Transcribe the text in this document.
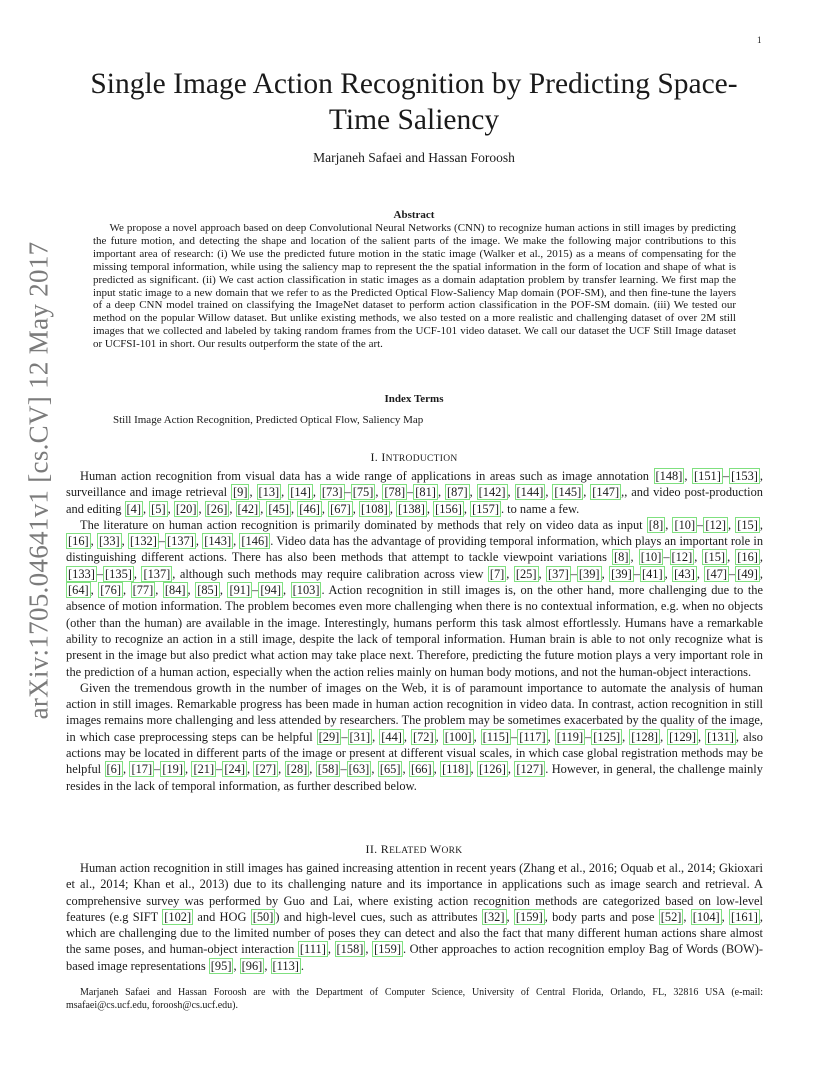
1
arXiv:1705.04641v1 [cs.CV] 12 May 2017
Single Image Action Recognition by Predicting Space-Time Saliency
Marjaneh Safaei and Hassan Foroosh
Abstract

We propose a novel approach based on deep Convolutional Neural Networks (CNN) to recognize human actions in still images by predicting the future motion, and detecting the shape and location of the salient parts of the image. We make the following major contributions to this important area of research: (i) We use the predicted future motion in the static image (Walker et al., 2015) as a means of compensating for the missing temporal information, while using the saliency map to represent the the spatial information in the form of location and shape of what is predicted as significant. (ii) We cast action classification in static images as a domain adaptation problem by transfer learning. We first map the input static image to a new domain that we refer to as the Predicted Optical Flow-Saliency Map domain (POF-SM), and then fine-tune the layers of a deep CNN model trained on classifying the ImageNet dataset to perform action classification in the POF-SM domain. (iii) We tested our method on the popular Willow dataset. But unlike existing methods, we also tested on a more realistic and challenging dataset of over 2M still images that we collected and labeled by taking random frames from the UCF-101 video dataset. We call our dataset the UCF Still Image dataset or UCFSI-101 in short. Our results outperform the state of the art.

Index Terms
Still Image Action Recognition, Predicted Optical Flow, Saliency Map
I. INTRODUCTION

Human action recognition from visual data has a wide range of applications in areas such as image annotation [148] , [151] – [153] , surveillance and image retrieval [9] , [13] , [14] , [73] – [75] , [78] – [81] , [87] , [142] , [144] , [145] , [147] ,, and video post-production and editing [4] , [5] , [20] , [26] , [42] , [45] , [46] , [67] , [108] , [138] , [156] , [157] . to name a few.

The literature on human action recognition is primarily dominated by methods that rely on video data as input [8] , [10] – [12] , [15] , [16] , [33] , [132] – [137] , [143] , [146] . Video data has the advantage of providing temporal information, which plays an important role in distinguishing different actions. There has also been methods that attempt to tackle viewpoint variations [8] , [10] – [12] , [15] , [16] , [133] – [135] , [137] , although such methods may require calibration across view [7] , [25] , [37] – [39] , [39] – [41] , [43] , [47] – [49] , [64] , [76] , [77] , [84] , [85] , [91] – [94] , [103] . Action recognition in still images is, on the other hand, more challenging due to the absence of motion information. The problem becomes even more challenging when there is no contextual information, e.g. when no objects (other than the human) are available in the image. Interestingly, humans perform this task almost effortlessly. Humans have a remarkable ability to recognize an action in a still image, despite the lack of temporal information. Human brain is able to not only recognize what is present in the image but also predict what action may take place next. Therefore, predicting the future motion plays a very important role in the prediction of a human action, especially when the action relies mainly on human body motions, and not the human-object interactions.

Given the tremendous growth in the number of images on the Web, it is of paramount importance to automate the analysis of human action in still images. Remarkable progress has been made in human action recognition in video data. In contrast, action recognition in still images remains more challenging and less attended by researchers. The problem may be sometimes exacerbated by the quality of the image, in which case preprocessing steps can be helpful [29] – [31] , [44] , [72] , [100] , [115] – [117] , [119] – [125] , [128] , [129] , [131] , also actions may be located in different parts of the image or present at different visual scales, in which case global registration methods may be helpful [6] , [17] – [19] , [21] – [24] , [27] , [28] , [58] – [63] , [65] , [66] , [118] , [126] , [127] . However, in general, the challenge mainly resides in the lack of temporal information, as further described below.

II. RELATED WORK

Human action recognition in still images has gained increasing attention in recent years (Zhang et al., 2016; Oquab et al., 2014; Gkioxari et al., 2014; Khan et al., 2013) due to its challenging nature and its importance in applications such as image search and retrieval. A comprehensive survey was performed by Guo and Lai, where existing action recognition methods are categorized based on low-level features (e.g SIFT [102] and HOG [50] ) and high-level cues, such as attributes [32] , [159] , body parts and pose [52] , [104] , [161] , which are challenging due to the limited number of poses they can detect and also the fact that many different human actions share almost the same poses, and human-object interaction [111] , [158] , [159] . Other approaches to action recognition employ Bag of Words (BOW)-based image representations [95] , [96] , [113] .

Marjaneh Safaei and Hassan Foroosh are with the Department of Computer Science, University of Central Florida, Orlando, FL, 32816 USA (e-mail: msafaei@cs.ucf.edu, foroosh@cs.ucf.edu).
